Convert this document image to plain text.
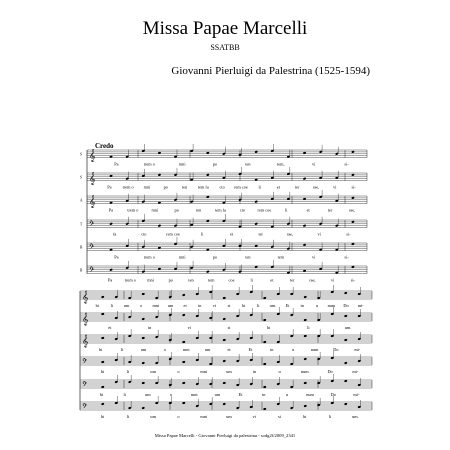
Missa Papae Marcelli
SSATBB
Giovanni Pierluigi da Palestrina (1525-1594)
Credo
𝄞
S
Pa	trem o	mni	po	ten	tem,	vi	si-
𝄞
S
Pa	trem o mni	po	ten tem fa cto rem coe li	et	ter	rae,	vi	si-
𝄞
A
Pa	trem o	mni	po	ten	tem fa	cto	rem coe	li	et	ter	rae,
𝄢
T
fa	cto	rem coe	li	et	ter	rae,	vi	si-
𝄢
B
Pa	trem o	mni	po	ten	tem	vi	si-
𝄢
B
Pa	trem o	mni	po	ten	tem	coe	li	et	ter	rae,	vi	si-
𝄞
bi	li um	o mni um et	in	vi	si	bi	li um. Et	in	u num Do mi-
𝄞
et	in	vi	si	bi	li	um.
𝄞
bi	li	um	o	mni	um	et	Et	in	u	num	Do	mi-
𝄢
bi	li	um	o	mni	um	in	u	num	Do	mi-
𝄢
bi	li	um	o	mni	um	Et	in	u	num	Do	mi-
𝄢
bi	li	um	o	mni	um	vi	si	bi	li	um.
Missa Papae Marcelli - Giovanni Pierluigi da palestrina - sodg2f/2009_2341
